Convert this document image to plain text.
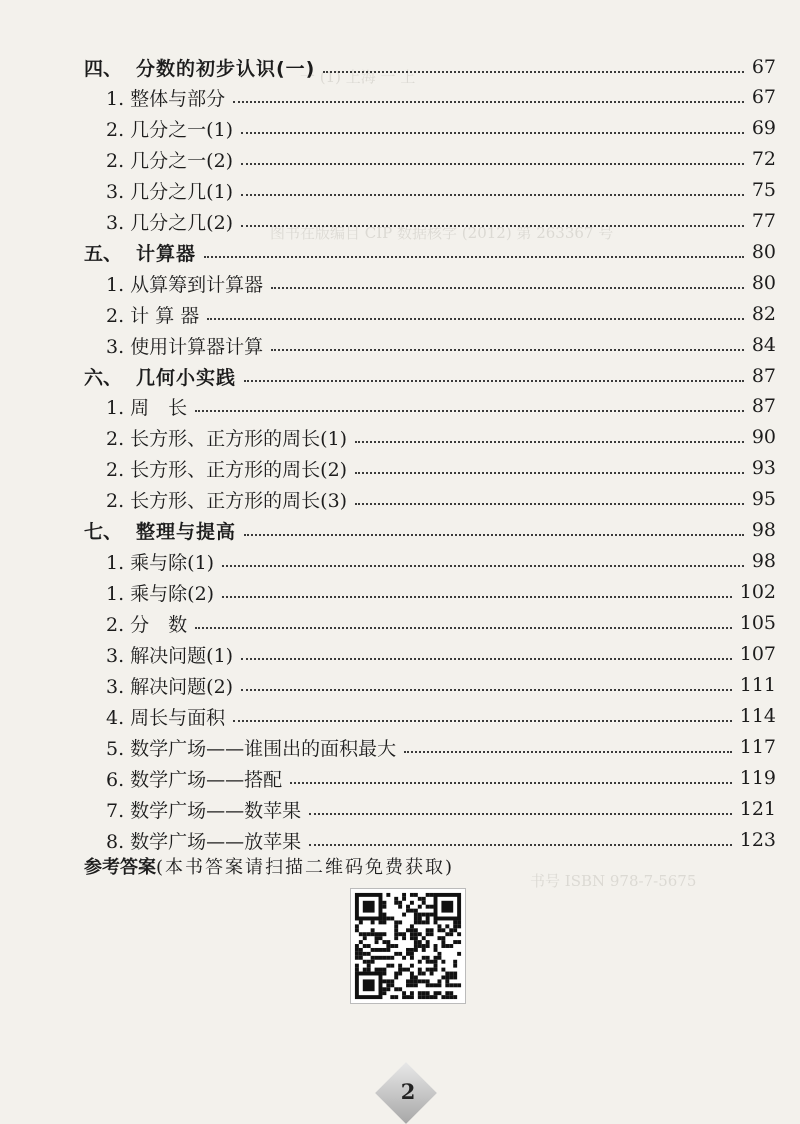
一 (1) 上海 一 上
图书在版编目 CIP 数据核字 (2012) 第 263367 号
书号 ISBN 978-7-5675
四、 分数的初步认识(一)	67
1. 整体与部分	67
2. 几分之一(1)	69
2. 几分之一(2)	72
3. 几分之几(1)	75
3. 几分之几(2)	77
五、 计算器	80
1. 从算筹到计算器	80
2. 计 算 器	82
3. 使用计算器计算	84
六、 几何小实践	87
1. 周　长	87
2. 长方形、正方形的周长(1)	90
2. 长方形、正方形的周长(2)	93
2. 长方形、正方形的周长(3)	95
七、 整理与提高	98
1. 乘与除(1)	98
1. 乘与除(2)	102
2. 分　数	105
3. 解决问题(1)	107
3. 解决问题(2)	111
4. 周长与面积	114
5. 数学广场——谁围出的面积最大	117
6. 数学广场——搭配	119
7. 数学广场——数苹果	121
8. 数学广场——放苹果	123
参考答案(本书答案请扫描二维码免费获取)
2
